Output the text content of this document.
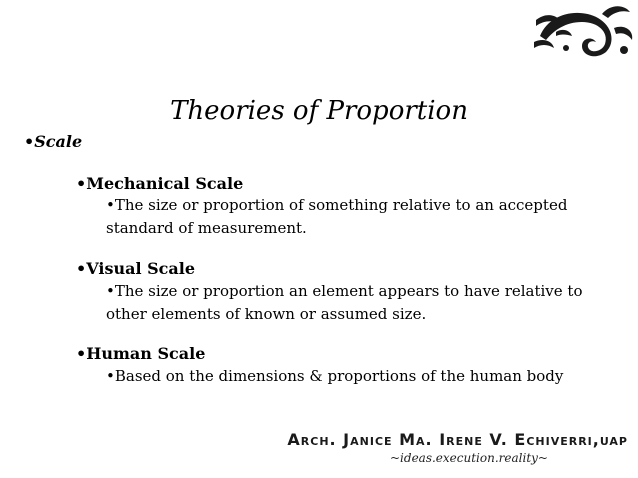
Theories of Proportion
•Scale
•Mechanical Scale
•The size or proportion of something relative to an accepted standard of measurement.
•Visual Scale
•The size or proportion an element appears to have relative to other elements of known or assumed size.
•Human Scale
•Based on the dimensions & proportions of the human body
Arch. Janice Ma. Irene V. Echiverri,uap
~ideas.execution.reality~
